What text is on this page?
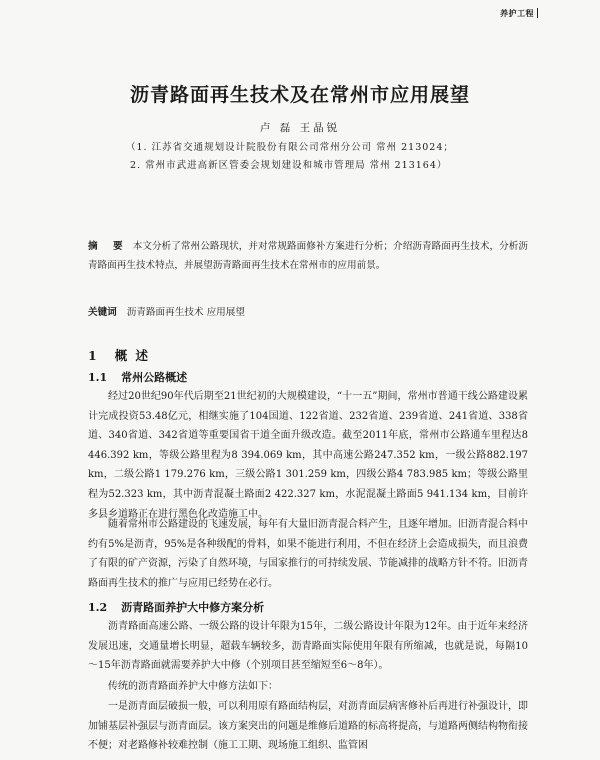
养护工程
沥青路面再生技术及在常州市应用展望
卢 磊 王晶锐
（1. 江苏省交通规划设计院股份有限公司常州分公司 常州 213024；
2. 常州市武进高新区管委会规划建设和城市管理局 常州 213164）
摘 要 本文分析了常州公路现状，并对常规路面修补方案进行分析；介绍沥青路面再生技术，分析沥青路面再生技术特点，并展望沥青路面再生技术在常州市的应用前景。
关键词 沥青路面再生技术 应用展望
1 概 述
1.1 常州公路概述

经过20世纪90年代后期至21世纪初的大规模建设，“十一五”期间，常州市普通干线公路建设累计完成投资53.48亿元，相继实施了104国道、122省道、232省道、239省道、241省道、338省道、340省道、342省道等重要国省干道全面升级改造。截至2011年底，常州市公路通车里程达8 446.392 km，等级公路里程为8 394.069 km，其中高速公路247.352 km，一级公路882.197 km，二级公路1 179.276 km，三级公路1 301.259 km，四级公路4 783.985 km；等级公路里程为52.323 km，其中沥青混凝土路面2 422.327 km，水泥混凝土路面5 941.134 km，目前许多县乡道路正在进行黑色化改造施工中。

随着常州市公路建设的飞速发展，每年有大量旧沥青混合料产生，且逐年增加。旧沥青混合料中约有5%是沥青，95%是各种级配的骨料，如果不能进行利用，不但在经济上会造成损失，而且浪费了有限的矿产资源，污染了自然环境，与国家推行的可持续发展、节能减排的战略方针不符。旧沥青路面再生技术的推广与应用已经势在必行。

1.2 沥青路面养护大中修方案分析

沥青路面高速公路、一级公路的设计年限为15年，二级公路设计年限为12年。由于近年来经济发展迅速，交通量增长明显，超载车辆较多，沥青路面实际使用年限有所缩减，也就是说，每隔10～15年沥青路面就需要养护大中修（个别项目甚至缩短至6～8年）。

传统的沥青路面养护大中修方法如下：

一是沥青面层破损一般，可以利用原有路面结构层，对沥青面层病害修补后再进行补强设计，即加铺基层补强层与沥青面层。该方案突出的问题是维修后道路的标高将提高，与道路两侧结构物衔接不便；对老路修补较难控制（施工工期、现场施工组织、监管困
